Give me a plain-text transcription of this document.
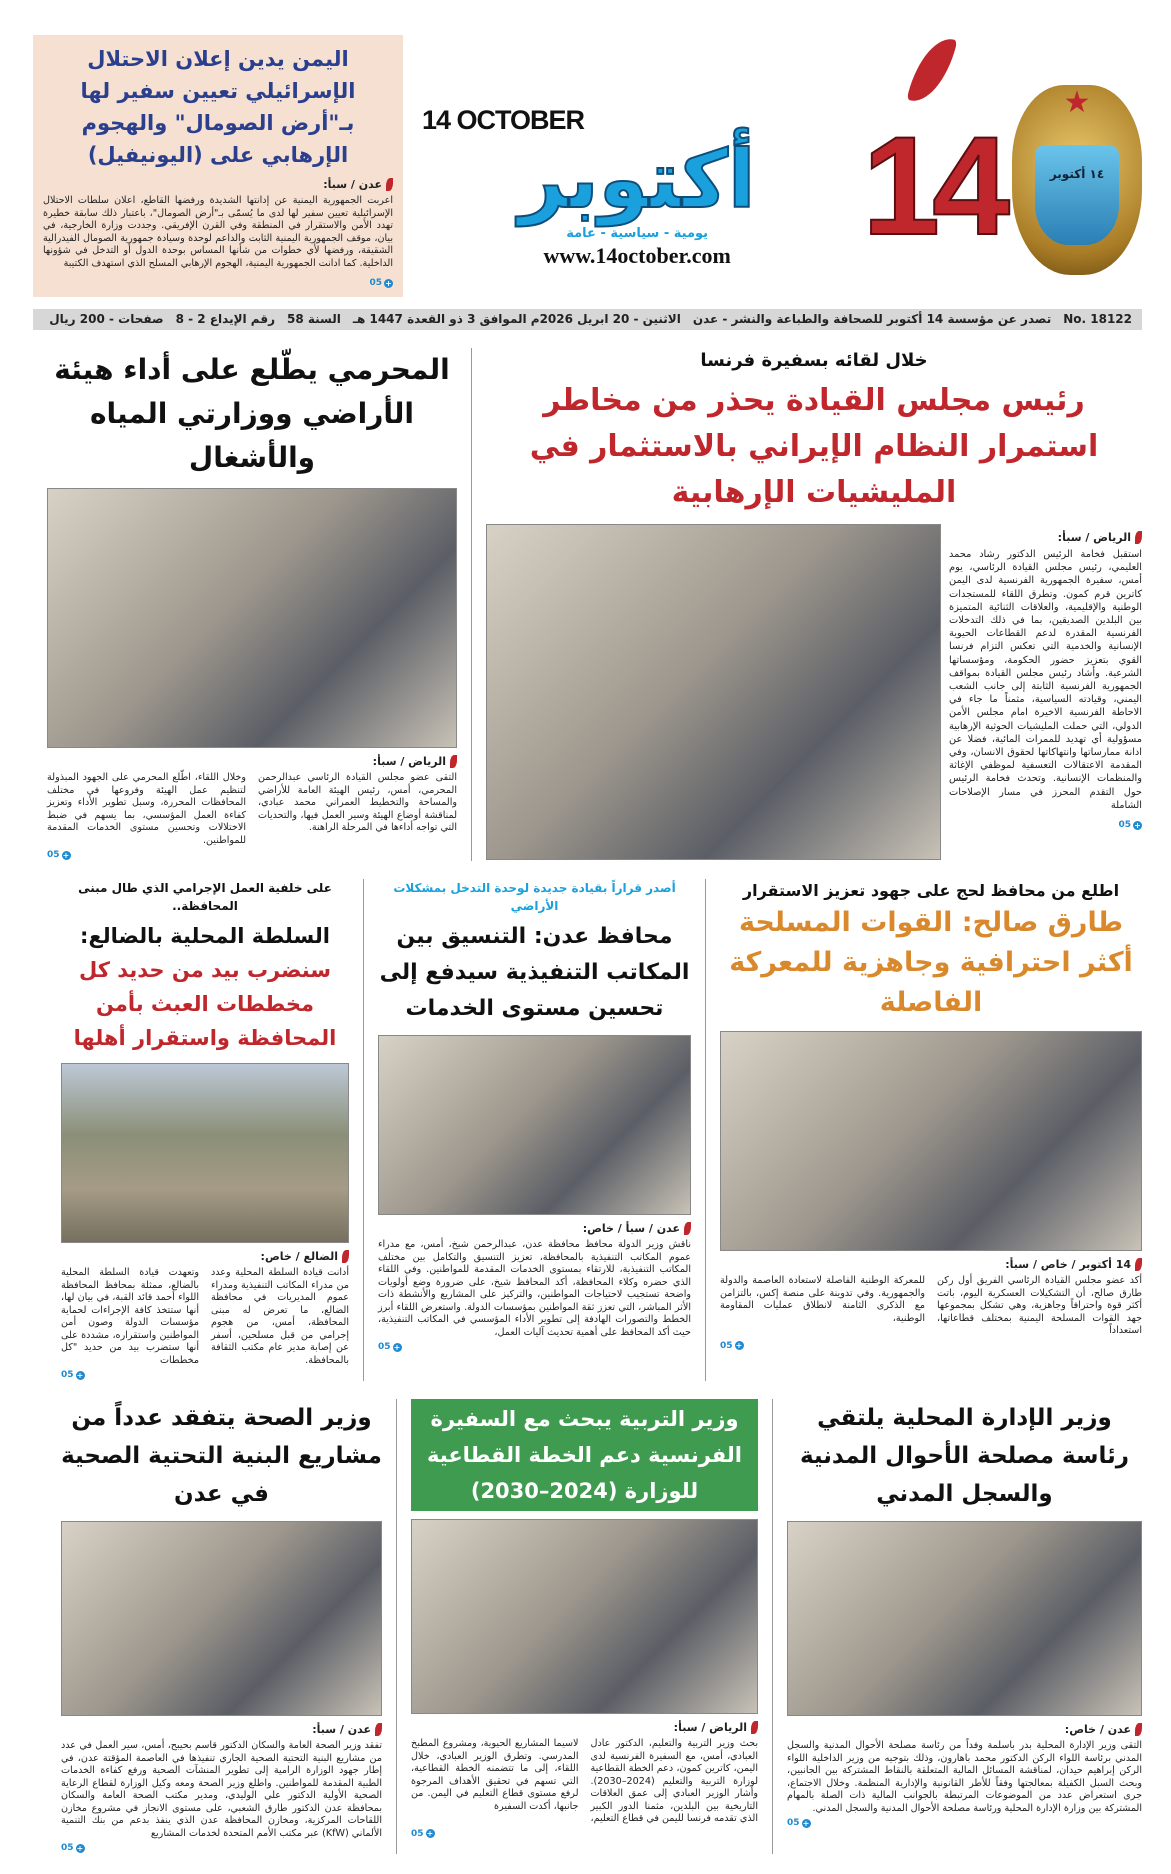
★
١٤ أكتوبر
14
14 OCTOBER
أكتوبر
يومية - سياسية - عامة
www.14october.com
اليمن يدين إعلان الاحتلال الإسرائيلي تعيين سفير لها بـ"أرض الصومال" والهجوم الإرهابي على (اليونيفيل)
عدن / سبأ:

اعربت الجمهورية اليمنية عن إدانتها الشديدة ورفضها القاطع، اعلان سلطات الاحتلال الإسرائيلية تعيين سفير لها لدى ما يُسمّى بـ"أرض الصومال"، باعتبار ذلك سابقة خطيرة تهدد الأمن والاستقرار في المنطقة وفي القرن الإفريقي. وجددت وزارة الخارجية، في بيان، موقف الجمهورية اليمنية الثابت والداعم لوحدة وسيادة جمهورية الصومال الفيدرالية الشقيقة، ورفضها لأي خطوات من شأنها المساس بوحدة الدول أو التدخل في شؤونها الداخلية. كما ادانت الجمهورية اليمنية، الهجوم الإرهابي المسلح الذي استهدف الكتيبة

05 +
No. 18122
تصدر عن مؤسسة 14 أكتوبر للصحافة والطباعة والنشر - عدن
الاثنين - 20 ابريل 2026م الموافق 3 ذو القعدة 1447 هـ
السنة 58
رقم الإيداع 2 - 8
صفحات - 200 ريال
خلال لقائه بسفيرة فرنسا
رئيس مجلس القيادة يحذر من مخاطر استمرار النظام الإيراني بالاستثمار في المليشيات الإرهابية
الرياض / سبأ:

استقبل فخامة الرئيس الدكتور رشاد محمد العليمي، رئيس مجلس القيادة الرئاسي، يوم أمس، سفيرة الجمهورية الفرنسية لدى اليمن كاترين قرم كمون. وتطرق اللقاء للمستجدات الوطنية والإقليمية، والعلاقات الثنائية المتميزة بين البلدين الصديقين، بما في ذلك التدخلات الفرنسية المقدرة لدعم القطاعات الحيوية الإنسانية والخدمية التي تعكس التزام فرنسا القوي بتعزيز حضور الحكومة، ومؤسساتها الشرعية. وأشاد رئيس مجلس القيادة بمواقف الجمهورية الفرنسية الثابتة إلى جانب الشعب اليمني، وقيادته السياسية، مثمناً ما جاء في الاحاطة الفرنسية الاخيرة امام مجلس الأمن الدولي، التي حملت المليشيات الحوثية الإرهابية مسؤولية أي تهديد للممرات المائية، فضلا عن ادانة ممارساتها وانتهاكاتها لحقوق الانسان، وفي المقدمة الاعتقالات التعسفية لموظفي الإغاثة والمنظمات الإنسانية. وتحدث فخامة الرئيس حول التقدم المحرز في مسار الإصلاحات الشاملة

05 +
المحرمي يطّلع على أداء هيئة الأراضي ووزارتي المياه والأشغال
الرياض / سبأ:

التقى عضو مجلس القيادة الرئاسي عبدالرحمن المحرمي، أمس، رئيس الهيئة العامة للأراضي والمساحة والتخطيط العمراني محمد عبادي، لمناقشة أوضاع الهيئة وسير العمل فيها، والتحديات التي تواجه أداءها في المرحلة الراهنة.

وخلال اللقاء، اطّلع المحرمي على الجهود المبذولة لتنظيم عمل الهيئة وفروعها في مختلف المحافظات المحررة، وسبل تطوير الأداء وتعزيز كفاءة العمل المؤسسي، بما يسهم في ضبط الاختلالات وتحسين مستوى الخدمات المقدمة للمواطنين.

05 +
اطلع من محافظ لحج على جهود تعزيز الاستقرار
طارق صالح: القوات المسلحة أكثر احترافية وجاهزية للمعركة الفاصلة
14 أكتوبر / خاص / سبأ:

أكد عضو مجلس القيادة الرئاسي الفريق أول ركن طارق صالح، أن التشكيلات العسكرية اليوم، باتت أكثر قوة واحترافاً وجاهزية، وهي تشكل بمجموعها جهد القوات المسلحة اليمنية بمختلف قطاعاتها، استعداداً

للمعركة الوطنية الفاصلة لاستعادة العاصمة والدولة والجمهورية. وفي تدوينة على منصة إكس، بالتزامن مع الذكرى الثامنة لانطلاق عمليات المقاومة الوطنية،

05 +
أصدر قراراً بقيادة جديدة لوحدة التدخل بمشكلات الأراضي
محافظ عدن: التنسيق بين المكاتب التنفيذية سيدفع إلى تحسين مستوى الخدمات
عدن / سبأ / خاص:

ناقش وزير الدولة محافظ محافظة عدن، عبدالرحمن شيخ، أمس، مع مدراء عموم المكاتب التنفيذية بالمحافظة، تعزيز التنسيق والتكامل بين مختلف المكاتب التنفيذية، للارتقاء بمستوى الخدمات المقدمة للمواطنين. وفي اللقاء الذي حضره وكلاء المحافظة، أكد المحافظ شيخ، على ضرورة وضع أولويات واضحة تستجيب لاحتياجات المواطنين، والتركيز على المشاريع والأنشطة ذات الأثر المباشر، التي تعزز ثقة المواطنين بمؤسسات الدولة. واستعرض اللقاء أبرز الخطط والتصورات الهادفة إلى تطوير الأداء المؤسسي في المكاتب التنفيذية، حيث أكد المحافظ على أهمية تحديث آليات العمل،

05 +
على خلفية العمل الإجرامي الذي طال مبنى المحافظة..
السلطة المحلية بالضالع: سنضرب بيد من حديد كل مخططات العبث بأمن المحافظة واستقرار أهلها
الضالع / خاص:

أدانت قيادة السلطة المحلية وعدد من مدراء المكاتب التنفيذية ومدراء عموم المديريات في محافظة الضالع، ما تعرض له مبنى المحافظة، أمس، من هجوم إجرامي من قبل مسلحين، أسفر عن إصابة مدير عام مكتب الثقافة بالمحافظة.

وتعهدت قيادة السلطة المحلية بالضالع، ممثلة بمحافظ المحافظة اللواء أحمد قائد القبة، في بيان لها، أنها ستتخذ كافة الإجراءات لحماية مؤسسات الدولة وصون أمن المواطنين واستقراره، مشددة على أنها ستضرب بيد من حديد "كل مخططات

05 +
وزير الإدارة المحلية يلتقي رئاسة مصلحة الأحوال المدنية والسجل المدني
عدن / خاص:

التقى وزير الإدارة المحلية بدر باسلمة وفداً من رئاسة مصلحة الأحوال المدنية والسجل المدني برئاسة اللواء الركن الدكتور محمد باهارون، وذلك بتوجيه من وزير الداخلية اللواء الركن إبراهيم حيدان، لمناقشة المسائل المالية المتعلقة بالنقاط المشتركة بين الجانبين، وبحث السبل الكفيلة بمعالجتها وفقاً للأطر القانونية والإدارية المنظمة. وخلال الاجتماع، جرى استعراض عدد من الموضوعات المرتبطة بالجوانب المالية ذات الصلة بالمهام المشتركة بين وزارة الإدارة المحلية ورئاسة مصلحة الأحوال المدنية والسجل المدني.

05 +
وزير التربية يبحث مع السفيرة الفرنسية دعم الخطة القطاعية للوزارة (2024–2030)
الرياض / سبأ:

بحث وزير التربية والتعليم، الدكتور عادل العبادي، أمس، مع السفيرة الفرنسية لدى اليمن، كاترين كمون، دعم الخطة القطاعية لوزارة التربية والتعليم (2024–2030). وأشار الوزير العبادي إلى عمق العلاقات التاريخية بين البلدين، مثمنا الدور الكبير الذي تقدمه فرنسا لليمن في قطاع التعليم،

لاسيما المشاريع الحيوية، ومشروع المطبخ المدرسي. وتطرق الوزير العبادي، خلال اللقاء، إلى ما تتضمنه الخطة القطاعية، التي تسهم في تحقيق الأهداف المرجوة لرفع مستوى قطاع التعليم في اليمن. من جانبها، أكدت السفيرة

05 +
وزير الصحة يتفقد عدداً من مشاريع البنية التحتية الصحية في عدن
عدن / سبأ:

تفقد وزير الصحة العامة والسكان الدكتور قاسم بحيبح، أمس، سير العمل في عدد من مشاريع البنية التحتية الصحية الجاري تنفيذها في العاصمة المؤقتة عدن، في إطار جهود الوزارة الرامية إلى تطوير المنشآت الصحية ورفع كفاءة الخدمات الطبية المقدمة للمواطنين. واطلع وزير الصحة ومعه وكيل الوزارة لقطاع الرعاية الصحية الأولية الدكتور علي الوليدي، ومدير مكتب الصحة العامة والسكان بمحافظة عدن الدكتور طارق الشعبي، على مستوى الانجاز في مشروع مخازن اللقاحات المركزية، ومخازن المحافظة عدن الذي ينفذ بدعم من بنك التنمية الألماني (KfW) عبر مكتب الأمم المتحدة لخدمات المشاريع

05 +
